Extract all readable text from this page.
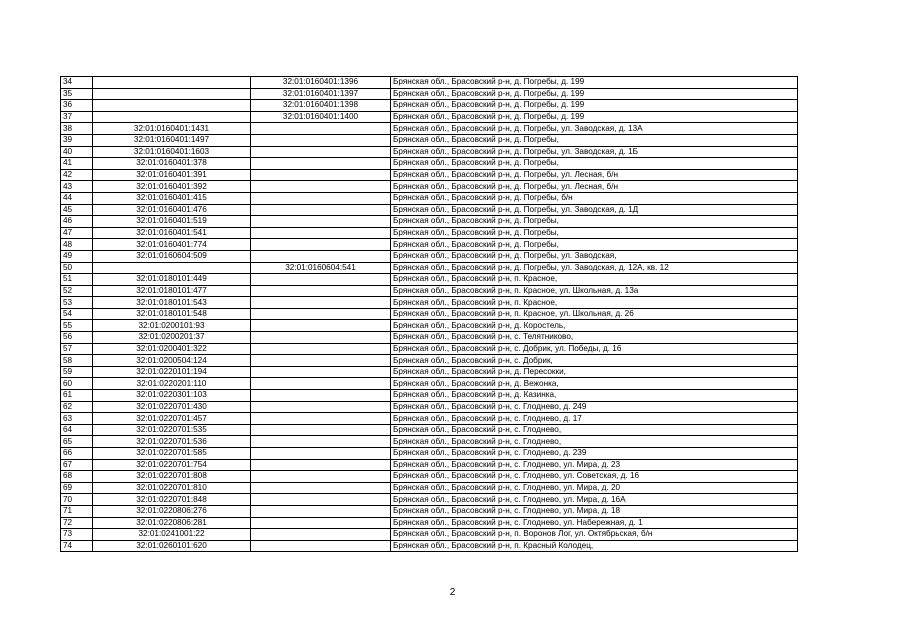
34		32:01:0160401:1396	Брянская обл., Брасовский р-н, д. Погребы, д. 199
35		32:01:0160401:1397	Брянская обл., Брасовский р-н, д. Погребы, д. 199
36		32:01:0160401:1398	Брянская обл., Брасовский р-н, д. Погребы, д. 199
37		32:01:0160401:1400	Брянская обл., Брасовский р-н, д. Погребы, д. 199
38	32:01:0160401:1431		Брянская обл., Брасовский р-н, д. Погребы, ул. Заводская, д. 13А
39	32:01:0160401:1497		Брянская обл., Брасовский р-н, д. Погребы,
40	32:01:0160401:1603		Брянская обл., Брасовский р-н, д. Погребы, ул. Заводская, д. 1Б
41	32:01:0160401:378		Брянская обл., Брасовский р-н, д. Погребы,
42	32:01:0160401:391		Брянская обл., Брасовский р-н, д. Погребы, ул. Лесная, б/н
43	32:01:0160401:392		Брянская обл., Брасовский р-н, д. Погребы, ул. Лесная, б/н
44	32:01:0160401:415		Брянская обл., Брасовский р-н, д. Погребы, б/н
45	32:01:0160401:476		Брянская обл., Брасовский р-н, д. Погребы, ул. Заводская, д. 1Д
46	32:01:0160401:519		Брянская обл., Брасовский р-н, д. Погребы,
47	32:01:0160401:541		Брянская обл., Брасовский р-н, д. Погребы,
48	32:01:0160401:774		Брянская обл., Брасовский р-н, д. Погребы,
49	32:01:0160604:509		Брянская обл., Брасовский р-н, д. Погребы, ул. Заводская,
50		32:01:0160604:541	Брянская обл., Брасовский р-н, д. Погребы, ул. Заводская, д. 12А, кв. 12
51	32:01:0180101:449		Брянская обл., Брасовский р-н, п. Красное,
52	32:01:0180101:477		Брянская обл., Брасовский р-н, п. Красное, ул. Школьная, д. 13а
53	32:01:0180101:543		Брянская обл., Брасовский р-н, п. Красное,
54	32:01:0180101:548		Брянская обл., Брасовский р-н, п. Красное, ул. Школьная, д. 26
55	32:01:0200101:93		Брянская обл., Брасовский р-н, д. Коростель,
56	32:01:0200201:37		Брянская обл., Брасовский р-н, с. Телятниково,
57	32:01:0200401:322		Брянская обл., Брасовский р-н, с. Добрик, ул. Победы, д. 16
58	32:01:0200504:124		Брянская обл., Брасовский р-н, с. Добрик,
59	32:01:0220101:194		Брянская обл., Брасовский р-н, д. Пересокки,
60	32:01:0220201:110		Брянская обл., Брасовский р-н, д. Вежонка,
61	32:01:0220301:103		Брянская обл., Брасовский р-н, д. Казинка,
62	32:01:0220701:430		Брянская обл., Брасовский р-н, с. Глоднево, д. 249
63	32:01:0220701:457		Брянская обл., Брасовский р-н, с. Глоднево, д. 17
64	32:01:0220701:535		Брянская обл., Брасовский р-н, с. Глоднево,
65	32:01:0220701:536		Брянская обл., Брасовский р-н, с. Глоднево,
66	32:01:0220701:585		Брянская обл., Брасовский р-н, с. Глоднево, д. 239
67	32:01:0220701:754		Брянская обл., Брасовский р-н, с. Глоднево, ул. Мира, д. 23
68	32:01:0220701:808		Брянская обл., Брасовский р-н, с. Глоднево, ул. Советская, д. 16
69	32:01:0220701:810		Брянская обл., Брасовский р-н, с. Глоднево, ул. Мира, д. 20
70	32:01:0220701:848		Брянская обл., Брасовский р-н, с. Глоднево, ул. Мира, д. 16А
71	32:01:0220806:276		Брянская обл., Брасовский р-н, с. Глоднево, ул. Мира, д. 18
72	32:01:0220806:281		Брянская обл., Брасовский р-н, с. Глоднево, ул. Набережная, д. 1
73	32:01:0241001:22		Брянская обл., Брасовский р-н, п. Воронов Лог, ул. Октябрьская, б/н
74	32:01:0260101:620		Брянская обл., Брасовский р-н, п. Красный Колодец,
2
